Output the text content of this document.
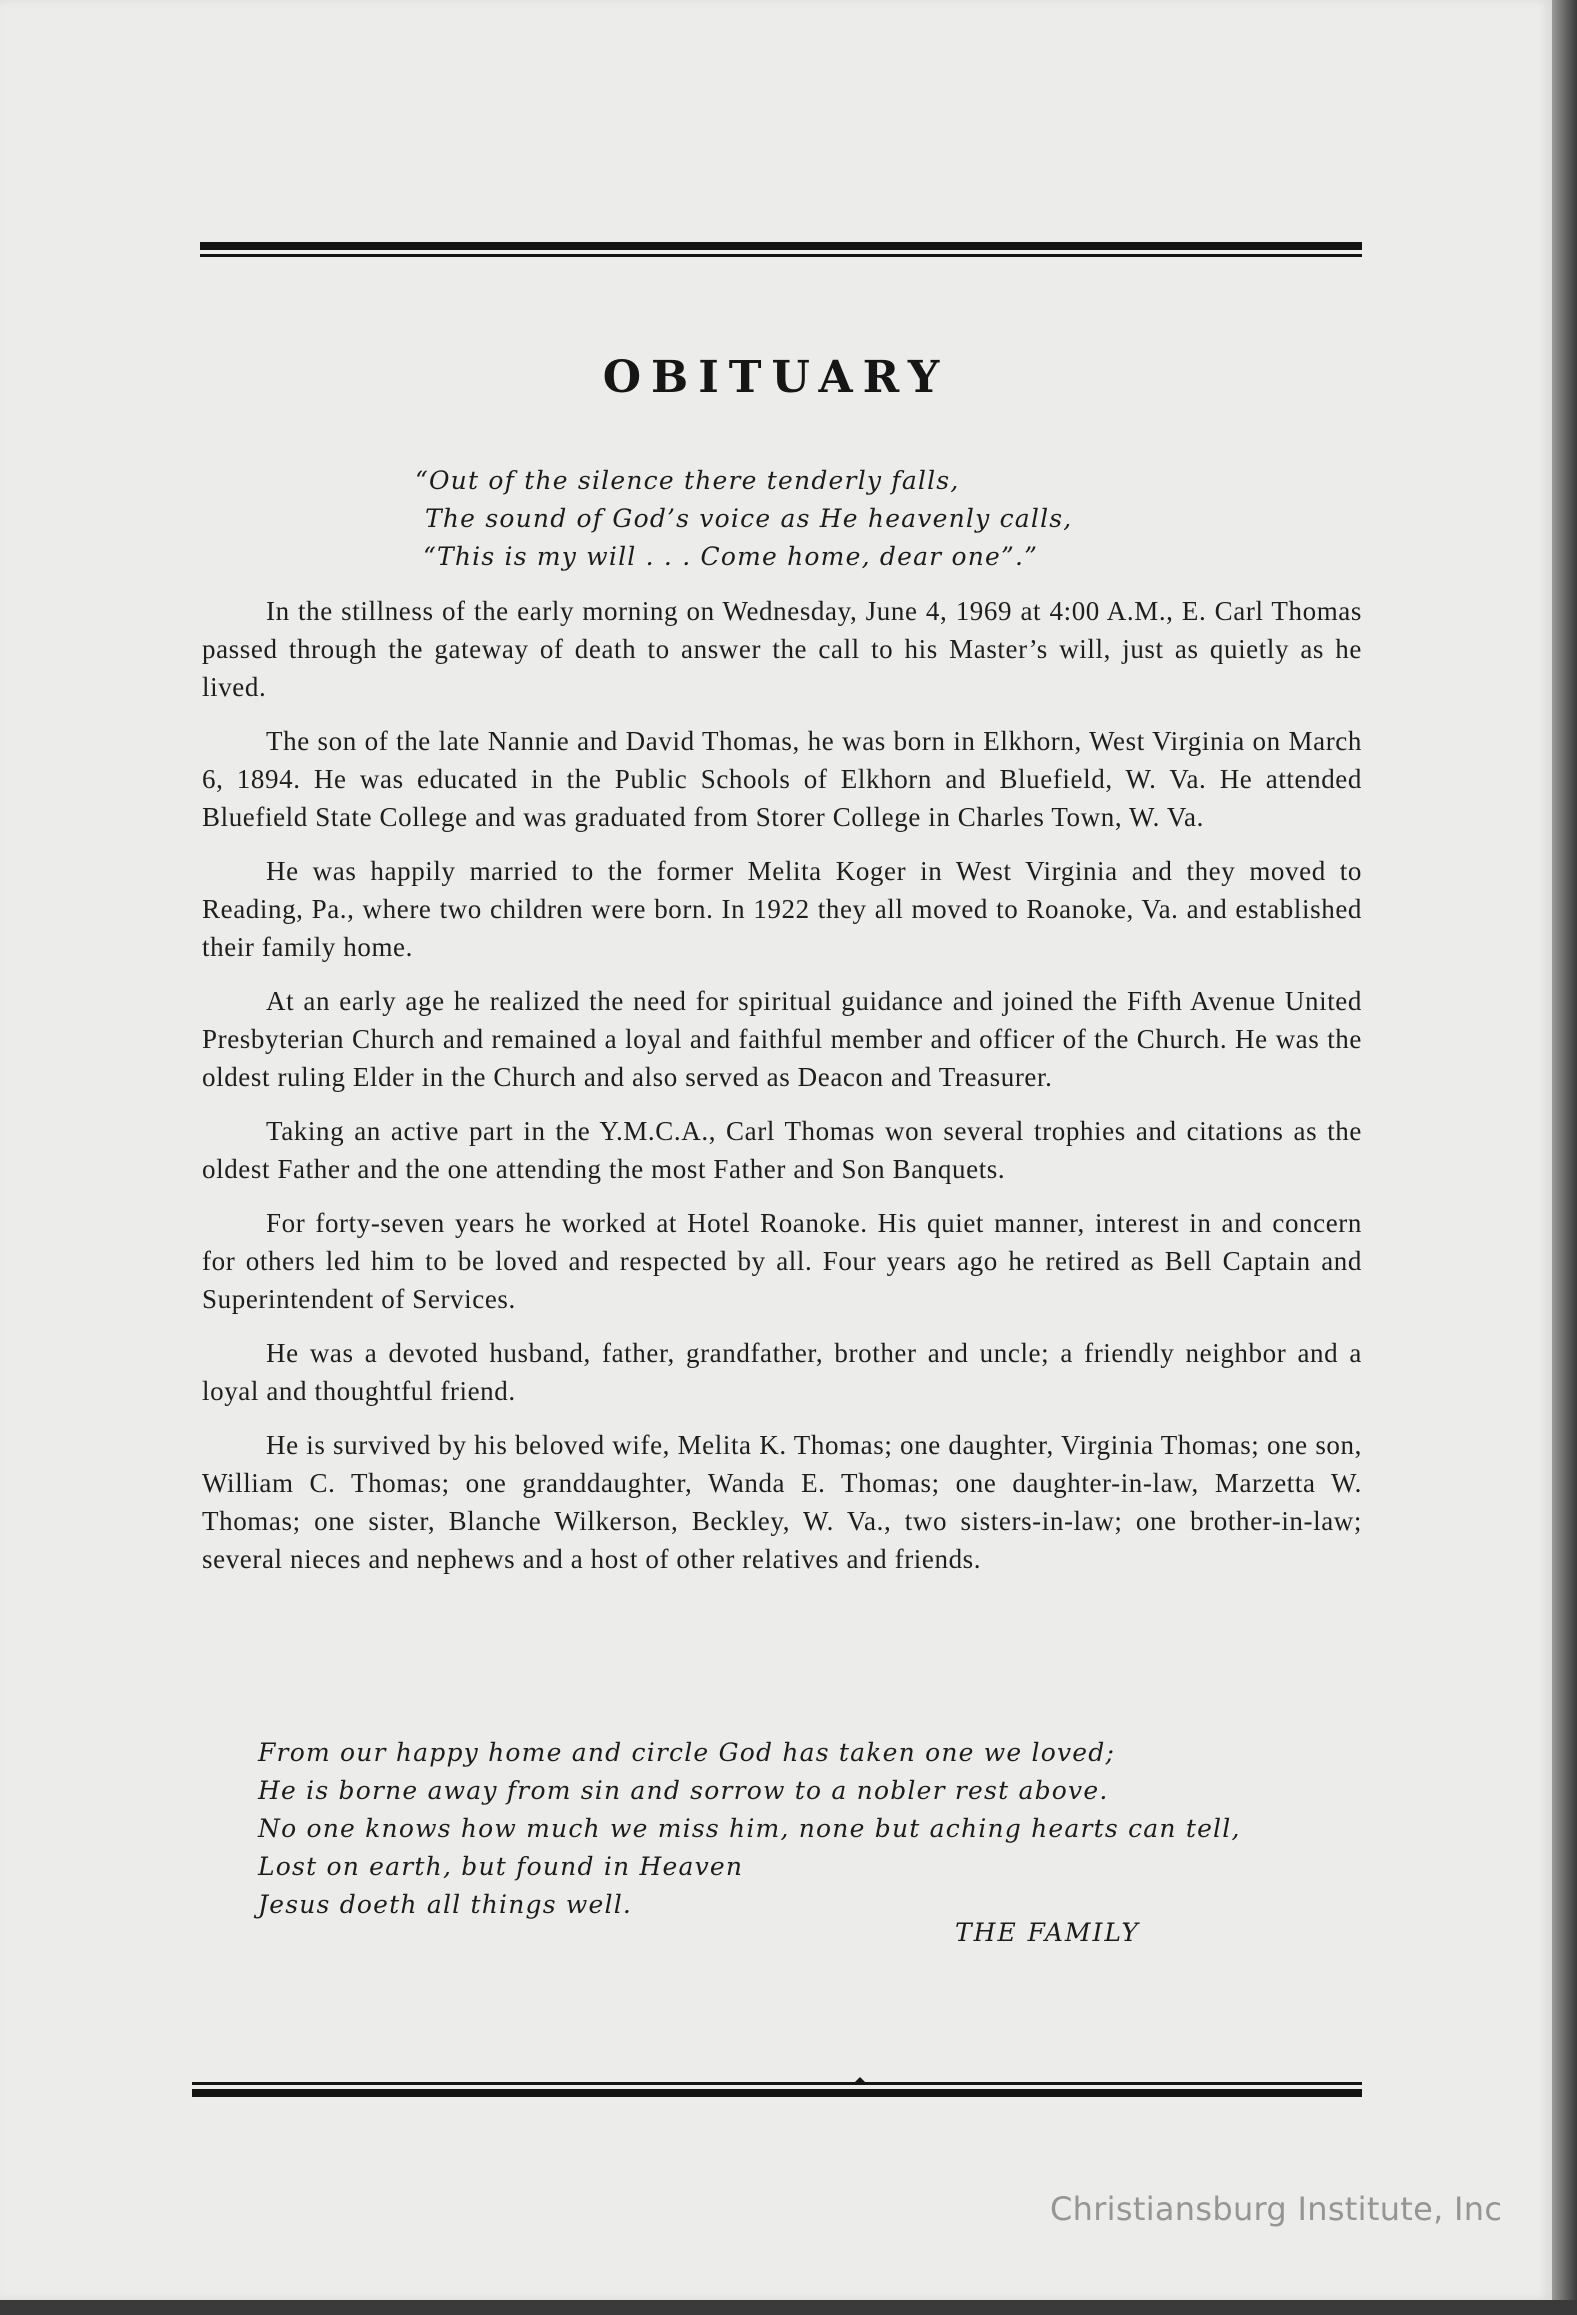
OBITUARY
“Out of the silence there tenderly falls,
The sound of God’s voice as He heavenly calls,
“This is my will . . . Come home, dear one”.”

In the stillness of the early morning on Wednesday, June 4, 1969 at 4:00 A.M., E. Carl Thomas passed through the gateway of death to answer the call to his Master’s will, just as quietly as he lived.

The son of the late Nannie and David Thomas, he was born in Elkhorn, West Virginia on March 6, 1894. He was educated in the Public Schools of Elkhorn and Bluefield, W. Va. He attended Bluefield State College and was graduated from Storer College in Charles Town, W. Va.

He was happily married to the former Melita Koger in West Virginia and they moved to Reading, Pa., where two children were born. In 1922 they all moved to Roanoke, Va. and established their family home.

At an early age he realized the need for spiritual guidance and joined the Fifth Avenue United Presbyterian Church and remained a loyal and faithful member and officer of the Church. He was the oldest ruling Elder in the Church and also served as Deacon and Treasurer.

Taking an active part in the Y.M.C.A., Carl Thomas won several trophies and citations as the oldest Father and the one attending the most Father and Son Banquets.

For forty-seven years he worked at Hotel Roanoke. His quiet manner, interest in and concern for others led him to be loved and respected by all. Four years ago he retired as Bell Captain and Superintendent of Services.

He was a devoted husband, father, grandfather, brother and uncle; a friendly neighbor and a loyal and thoughtful friend.

He is survived by his beloved wife, Melita K. Thomas; one daughter, Virginia Thomas; one son, William C. Thomas; one granddaughter, Wanda E. Thomas; one daughter-in-law, Marzetta W. Thomas; one sister, Blanche Wilkerson, Beckley, W. Va., two sisters-in-law; one brother-in-law; several nieces and nephews and a host of other relatives and friends.

From our happy home and circle God has taken one we loved;
He is borne away from sin and sorrow to a nobler rest above.
No one knows how much we miss him, none but aching hearts can tell,
Lost on earth, but found in Heaven
Jesus doeth all things well.
THE FAMILY
Christiansburg Institute, Inc
